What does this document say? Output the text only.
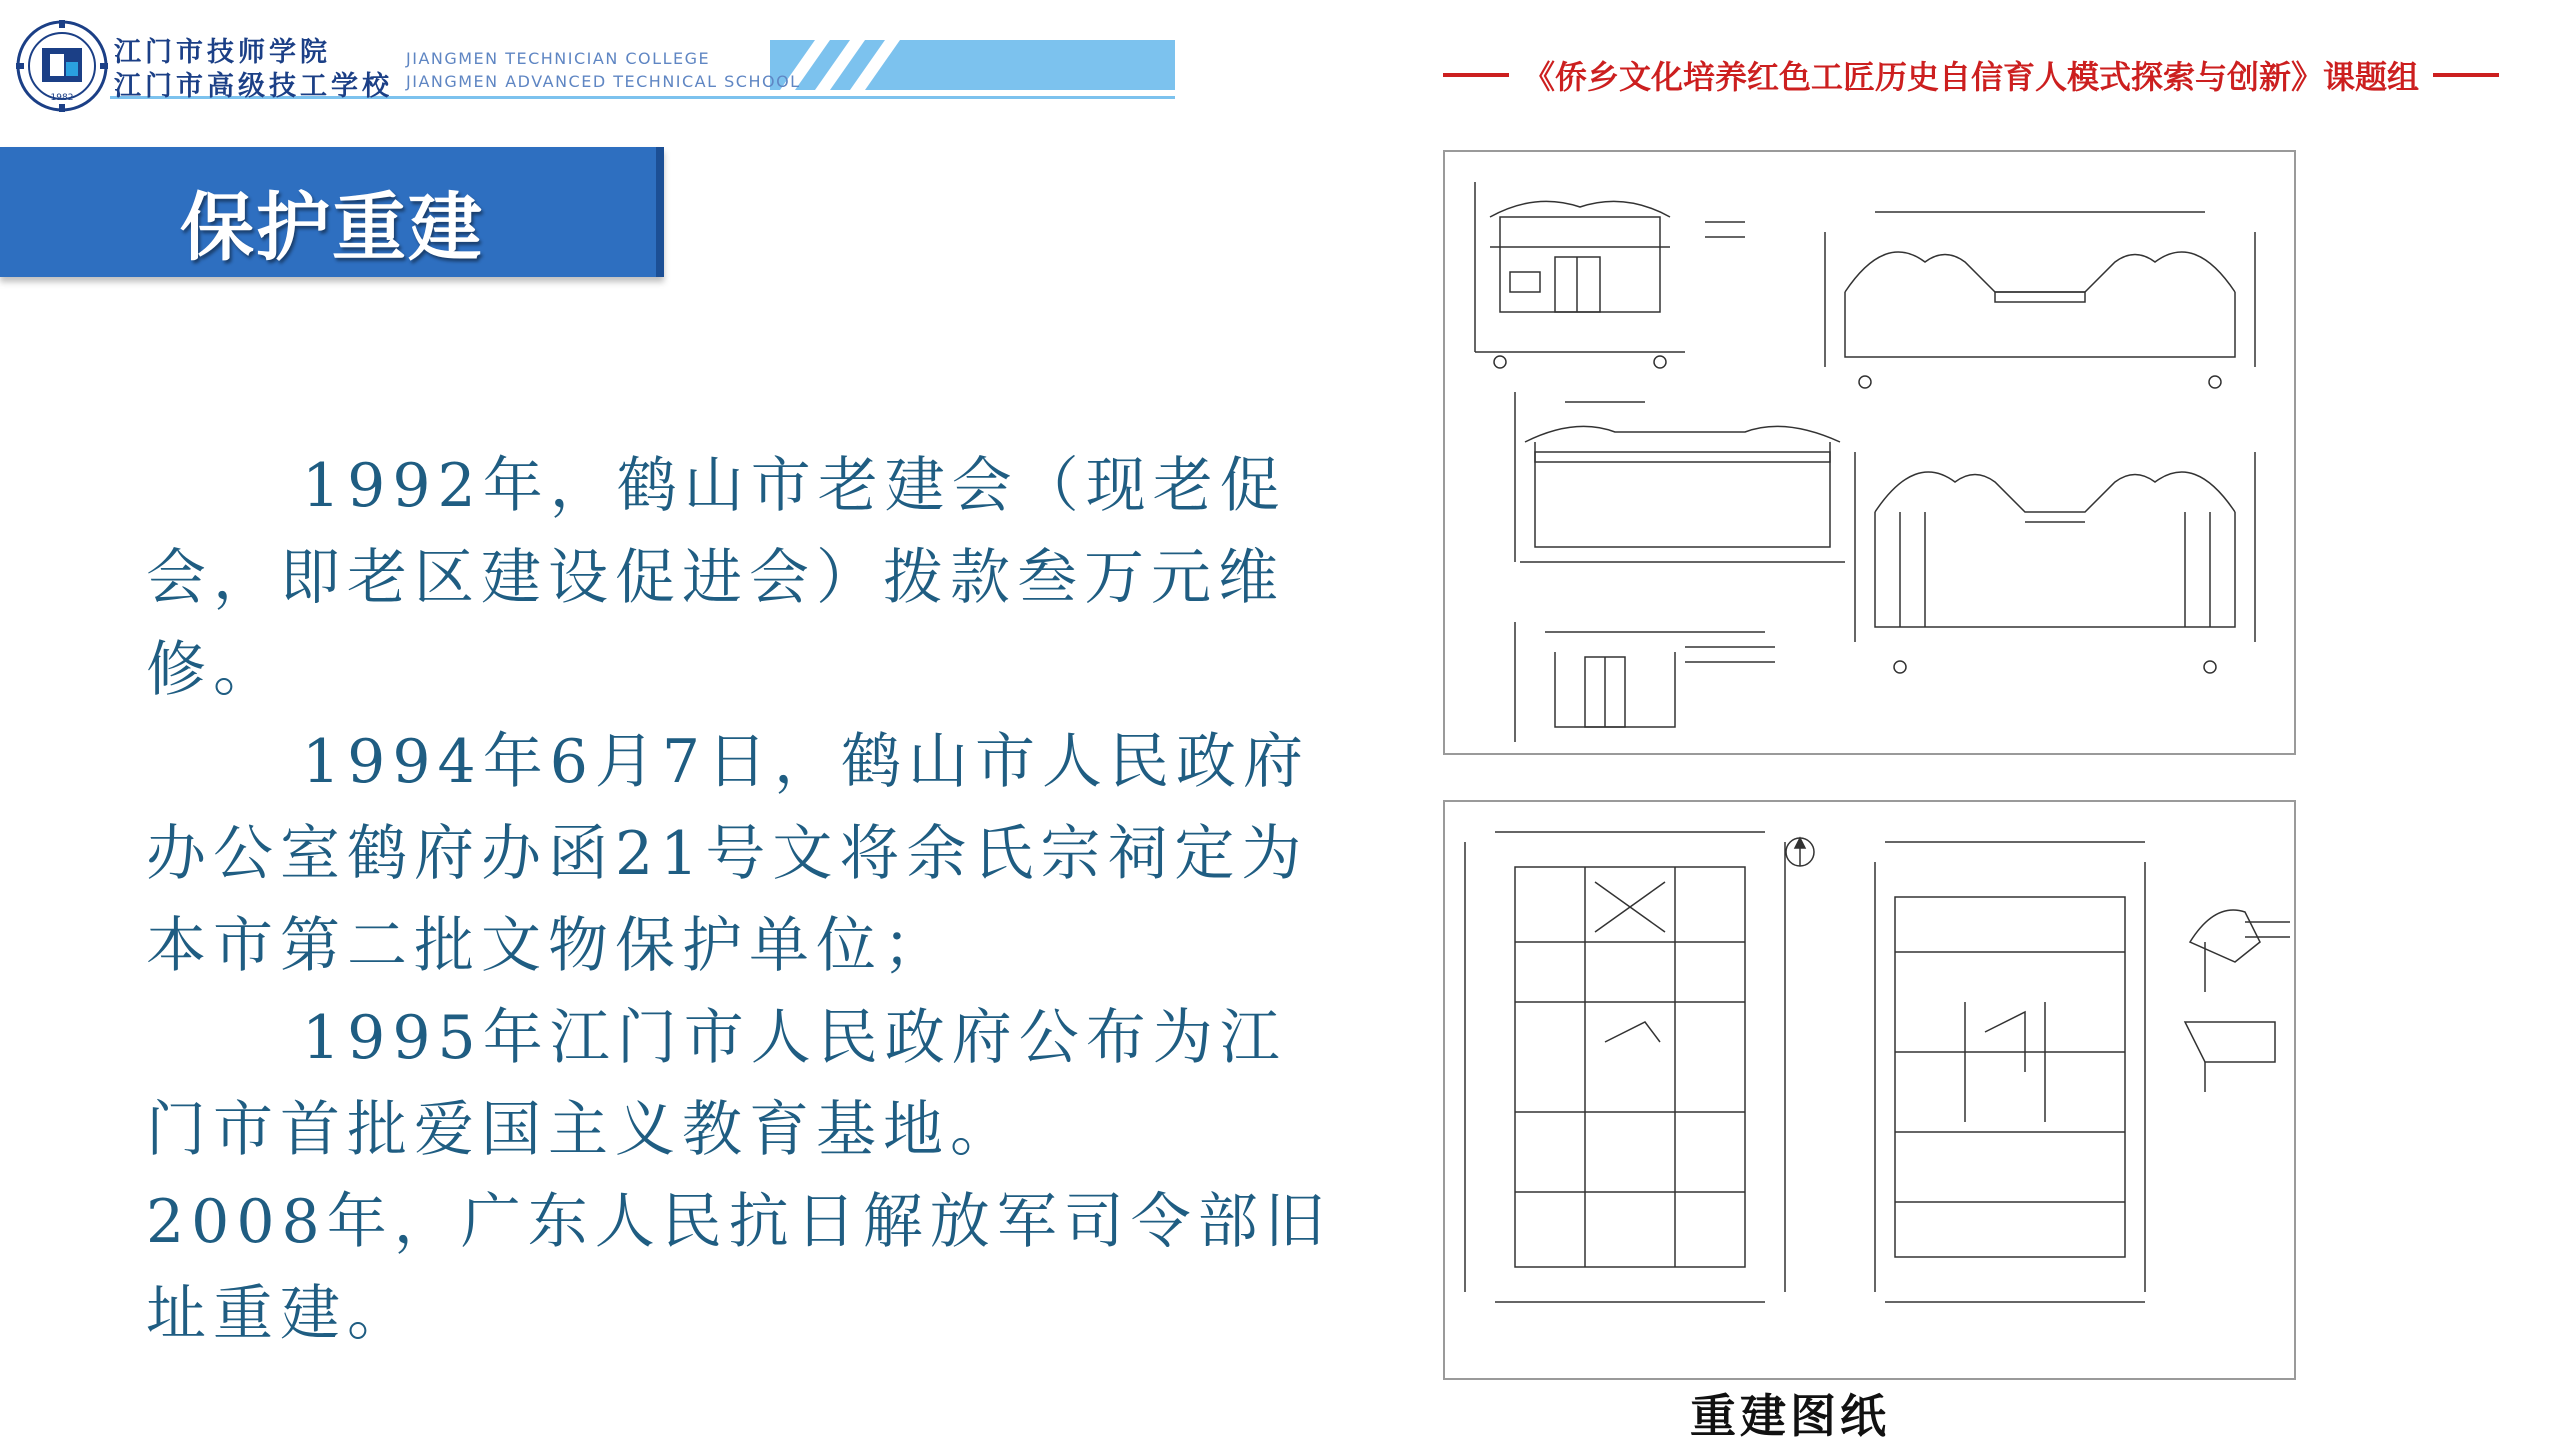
1982
江门市技师学院	JIANGMEN TECHNICIAN COLLEGE
江门市高级技工学校 JIANGMEN ADVANCED TECHNICAL SCHOOL	《侨乡文化培养红色工匠历史自信育人模式探索与创新》课题组
保护重建

1992年，鹤山市老建会（现老促会，即老区建设促进会）拨款叁万元维修。

1994年6月7日，鹤山市人民政府办公室鹤府办函21号文将余氏宗祠定为本市第二批文物保护单位；

1995年江门市人民政府公布为江门市首批爱国主义教育基地。

2008年，广东人民抗日解放军司令部旧址重建。

重建图纸
